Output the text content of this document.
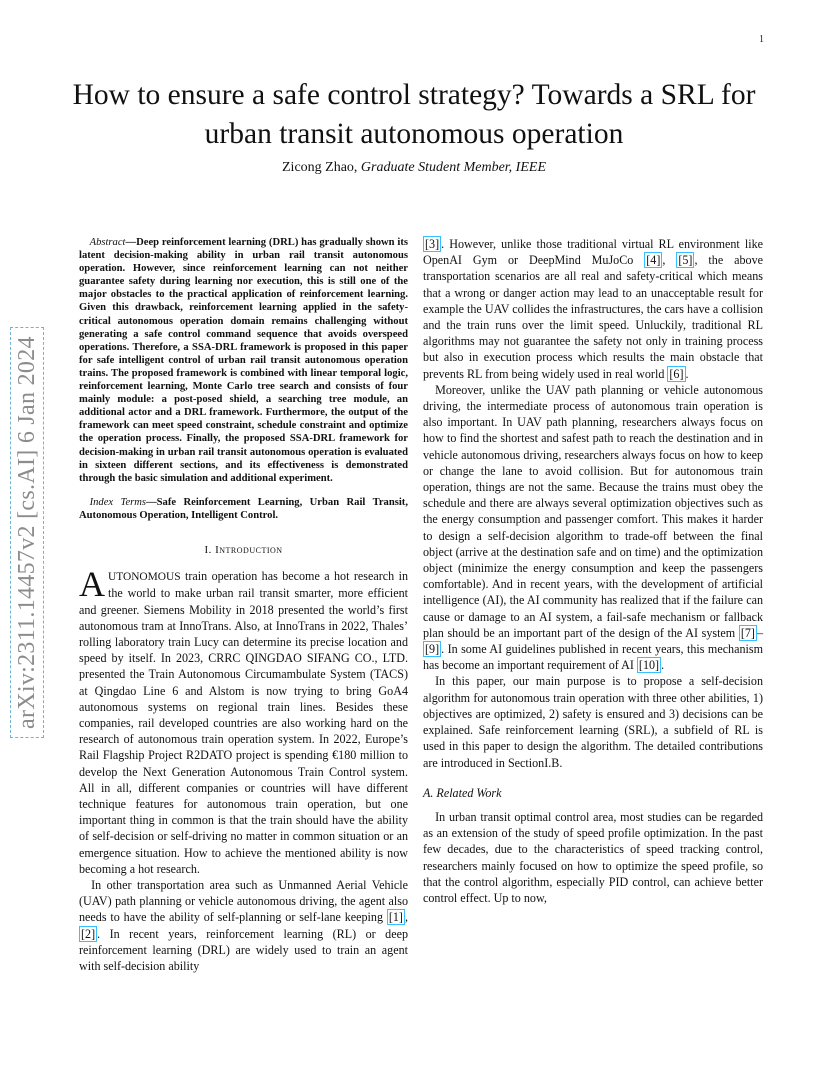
1
arXiv:2311.14457v2 [cs.AI] 6 Jan 2024
How to ensure a safe control strategy? Towards a SRL for urban transit autonomous operation
Zicong Zhao, Graduate Student Member, IEEE

Abstract—Deep reinforcement learning (DRL) has gradually shown its latent decision-making ability in urban rail transit autonomous operation. However, since reinforcement learning can not neither guarantee safety during learning nor execution, this is still one of the major obstacles to the practical application of reinforcement learning. Given this drawback, reinforcement learning applied in the safety-critical autonomous operation domain remains challenging without generating a safe control command sequence that avoids overspeed operations. Therefore, a SSA-DRL framework is proposed in this paper for safe intelligent control of urban rail transit autonomous operation trains. The proposed framework is combined with linear temporal logic, reinforcement learning, Monte Carlo tree search and consists of four mainly module: a post-posed shield, a searching tree module, an additional actor and a DRL framework. Furthermore, the output of the framework can meet speed constraint, schedule constraint and optimize the operation process. Finally, the proposed SSA-DRL framework for decision-making in urban rail transit autonomous operation is evaluated in sixteen different sections, and its effectiveness is demonstrated through the basic simulation and additional experiment.

Index Terms—Safe Reinforcement Learning, Urban Rail Transit, Autonomous Operation, Intelligent Control.

I. Introduction

AUTONOMOUS train operation has become a hot research in the world to make urban rail transit smarter, more efficient and greener. Siemens Mobility in 2018 presented the world’s first autonomous tram at InnoTrans. Also, at InnoTrans in 2022, Thales’ rolling laboratory train Lucy can determine its precise location and speed by itself. In 2023, CRRC QINGDAO SIFANG CO., LTD. presented the Train Autonomous Circumambulate System (TACS) at Qingdao Line 6 and Alstom is now trying to bring GoA4 autonomous systems on regional train lines. Besides these companies, rail developed countries are also working hard on the research of autonomous train operation system. In 2022, Europe’s Rail Flagship Project R2DATO project is spending €180 million to develop the Next Generation Autonomous Train Control system. All in all, different companies or countries will have different technique features for autonomous train operation, but one important thing in common is that the train should have the ability of self-decision or self-driving no matter in common situation or an emergence situation. How to achieve the mentioned ability is now becoming a hot research.

In other transportation area such as Unmanned Aerial Vehicle (UAV) path planning or vehicle autonomous driving, the agent also needs to have the ability of self-planning or self-lane keeping [1] , [2] . In recent years, reinforcement learning (RL) or deep reinforcement learning (DRL) are widely used to train an agent with self-decision ability

[3] . However, unlike those traditional virtual RL environment like OpenAI Gym or DeepMind MuJoCo [4] , [5] , the above transportation scenarios are all real and safety-critical which means that a wrong or danger action may lead to an unacceptable result for example the UAV collides the infrastructures, the cars have a collision and the train runs over the limit speed. Unluckily, traditional RL algorithms may not guarantee the safety not only in training process but also in execution process which results the main obstacle that prevents RL from being widely used in real world [6] .

Moreover, unlike the UAV path planning or vehicle autonomous driving, the intermediate process of autonomous train operation is also important. In UAV path planning, researchers always focus on how to find the shortest and safest path to reach the destination and in vehicle autonomous driving, researchers always focus on how to keep or change the lane to avoid collision. But for autonomous train operation, things are not the same. Because the trains must obey the schedule and there are always several optimization objectives such as the energy consumption and passenger comfort. This makes it harder to design a self-decision algorithm to trade-off between the final object (arrive at the destination safe and on time) and the optimization object (minimize the energy consumption and keep the passengers comfortable). And in recent years, with the development of artificial intelligence (AI), the AI community has realized that if the failure can cause or damage to an AI system, a fail-safe mechanism or fallback plan should be an important part of the design of the AI system [7] –[9] . In some AI guidelines published in recent years, this mechanism has become an important requirement of AI [10] .

In this paper, our main purpose is to propose a self-decision algorithm for autonomous train operation with three other abilities, 1) objectives are optimized, 2) safety is ensured and 3) decisions can be explained. Safe reinforcement learning (SRL), a subfield of RL is used in this paper to design the algorithm. The detailed contributions are introduced in SectionI.B.

A. Related Work

In urban transit optimal control area, most studies can be regarded as an extension of the study of speed profile optimization. In the past few decades, due to the characteristics of speed tracking control, researchers mainly focused on how to optimize the speed profile, so that the control algorithm, especially PID control, can achieve better control effect. Up to now,
